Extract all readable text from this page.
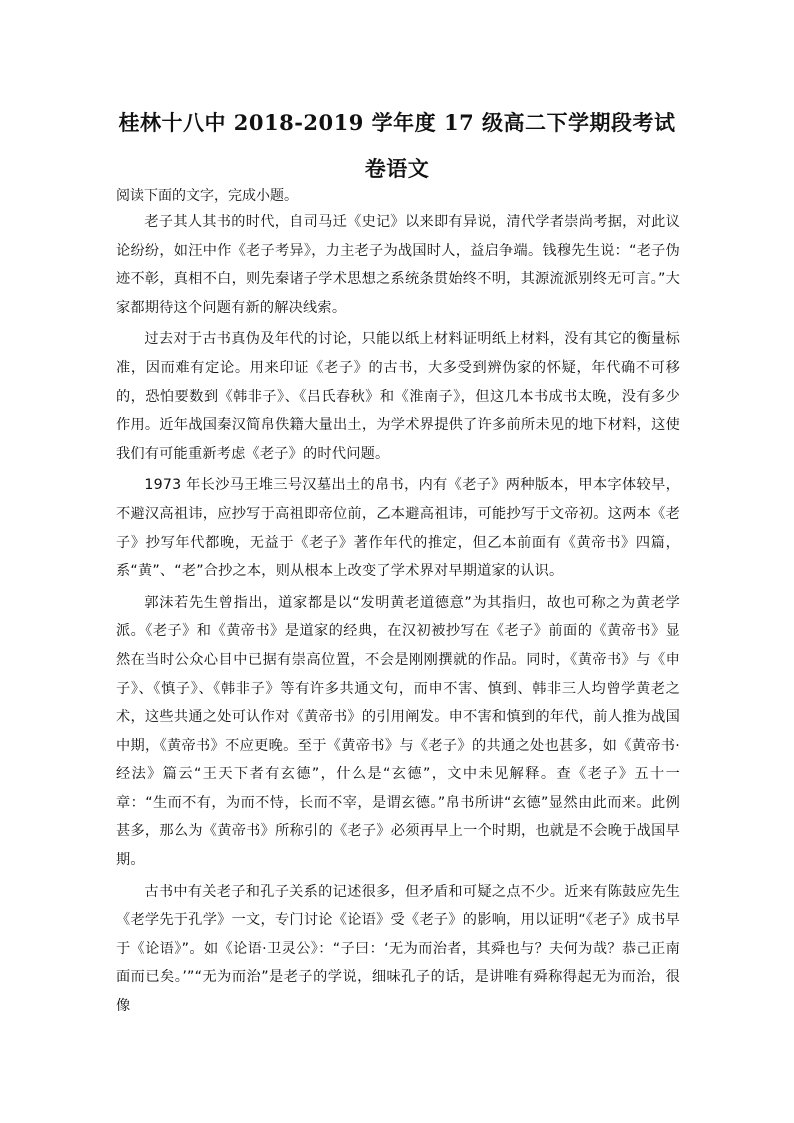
桂林十八中 2018-2019 学年度 17 级高二下学期段考试卷语文
阅读下面的文字，完成小题。

老子其人其书的时代，自司马迁《史记》以来即有异说，清代学者崇尚考据，对此议论纷纷，如汪中作《老子考异》，力主老子为战国时人，益启争端。钱穆先生说：“老子伪迹不彰，真相不白，则先秦诸子学术思想之系统条贯始终不明，其源流派别终无可言。”大家都期待这个问题有新的解决线索。

过去对于古书真伪及年代的讨论，只能以纸上材料证明纸上材料，没有其它的衡量标准，因而难有定论。用来印证《老子》的古书，大多受到辨伪家的怀疑，年代确不可移的，恐怕要数到《韩非子》、《吕氏春秋》和《淮南子》，但这几本书成书太晚，没有多少作用。近年战国秦汉简帛佚籍大量出土，为学术界提供了许多前所未见的地下材料，这使我们有可能重新考虑《老子》的时代问题。

1973 年长沙马王堆三号汉墓出土的帛书，内有《老子》两种版本，甲本字体较早，不避汉高祖讳，应抄写于高祖即帝位前，乙本避高祖讳，可能抄写于文帝初。这两本《老子》抄写年代都晚，无益于《老子》著作年代的推定，但乙本前面有《黄帝书》四篇，系“黄”、“老”合抄之本，则从根本上改变了学术界对早期道家的认识。

郭沫若先生曾指出，道家都是以“发明黄老道德意”为其指归，故也可称之为黄老学派。《老子》和《黄帝书》是道家的经典，在汉初被抄写在《老子》前面的《黄帝书》显然在当时公众心目中已据有崇高位置，不会是刚刚撰就的作品。同时，《黄帝书》与《申子》、《慎子》、《韩非子》等有许多共通文句，而申不害、慎到、韩非三人均曾学黄老之术，这些共通之处可认作对《黄帝书》的引用阐发。申不害和慎到的年代，前人推为战国中期，《黄帝书》不应更晚。至于《黄帝书》与《老子》的共通之处也甚多，如《黄帝书·经法》篇云“王天下者有玄德”，什么是“玄德”，文中未见解释。查《老子》五十一章：“生而不有，为而不恃，长而不宰，是谓玄德。”帛书所讲“玄德”显然由此而来。此例甚多，那么为《黄帝书》所称引的《老子》必须再早上一个时期，也就是不会晚于战国早期。

古书中有关老子和孔子关系的记述很多，但矛盾和可疑之点不少。近来有陈鼓应先生《老学先于孔学》一文，专门讨论《论语》受《老子》的影响，用以证明“《老子》成书早于《论语》”。如《论语·卫灵公》：“子曰：‘无为而治者，其舜也与？夫何为哉？恭己正南面而已矣。’”“无为而治”是老子的学说，细味孔子的话，是讲唯有舜称得起无为而治，很像
